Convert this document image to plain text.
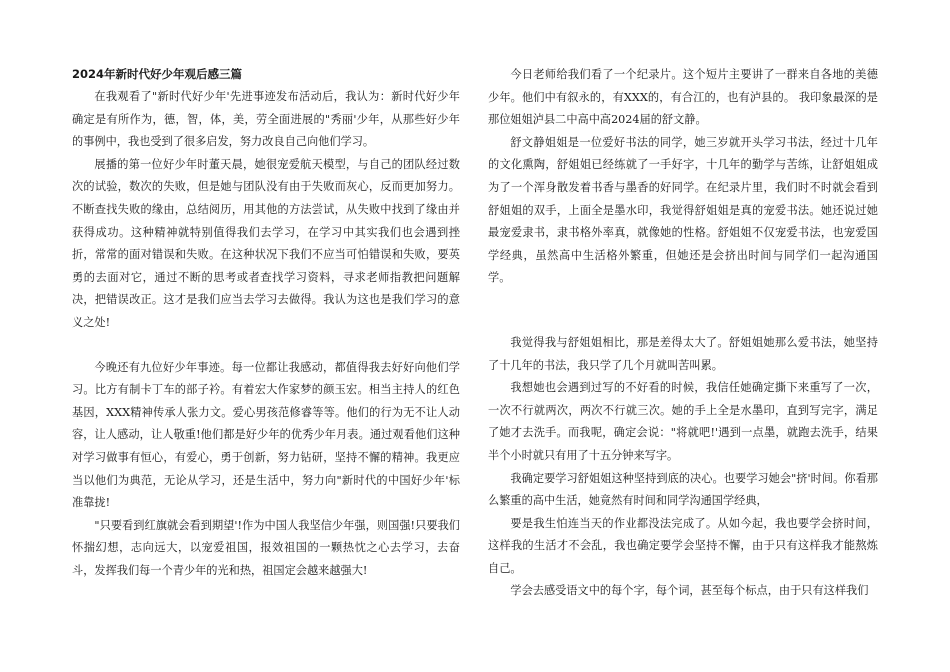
2024年新时代好少年观后感三篇

在我观看了"新时代好少年'先进事迹发布活动后，我认为：新时代好少年确定是有所作为，德，智，体，美，劳全面进展的"秀丽'少年，从那些好少年的事例中，我也受到了很多启发，努力改良自己向他们学习。

展播的第一位好少年时董天晨，她很宠爱航天模型，与自己的团队经过数次的试验，数次的失败，但是她与团队没有由于失败而灰心，反而更加努力。不断查找失败的缘由，总结阅历，用其他的方法尝试，从失败中找到了缘由并获得成功。这种精神就特别值得我们去学习，在学习中其实我们也会遇到挫折，常常的面对错误和失败。在这种状况下我们不应当可怕错误和失败，要英勇的去面对它，通过不断的思考或者查找学习资料，寻求老师指教把问题解决，把错误改正。这才是我们应当去学习去做得。我认为这也是我们学习的意义之处!

今晚还有九位好少年事迹。每一位都让我感动，都值得我去好好向他们学习。比方有制卡丁车的部子衿。有着宏大作家梦的颜玉宏。相当主持人的红色基因，XXX精神传承人张力文。爱心男孩范修睿等等。他们的行为无不让人动容，让人感动，让人敬重!他们都是好少年的优秀少年月表。通过观看他们这种对学习做事有恒心，有爱心，勇于创新，努力钻研，坚持不懈的精神。我更应当以他们为典范，无论从学习，还是生活中，努力向"新时代的中国好少年'标准靠拢!

"只要看到红旗就会看到期望'!作为中国人我坚信少年强，则国强!只要我们怀揣幻想，志向远大，以宠爱祖国，报效祖国的一颗热忱之心去学习，去奋斗，发挥我们每一个青少年的光和热，祖国定会越来越强大!

今日老师给我们看了一个纪录片。这个短片主要讲了一群来自各地的美德少年。他们中有叙永的，有XXX的，有合江的，也有泸县的。 我印象最深的是那位姐姐泸县二中高中高2024届的舒文静。

舒文静姐姐是一位爱好书法的同学，她三岁就开头学习书法，经过十几年的文化熏陶，舒姐姐已经练就了一手好字，十几年的勤学与苦练，让舒姐姐成为了一个浑身散发着书香与墨香的好同学。在纪录片里，我们时不时就会看到舒姐姐的双手，上面全是墨水印，我觉得舒姐姐是真的宠爱书法。她还说过她最宠爱隶书，隶书格外率真，就像她的性格。舒姐姐不仅宠爱书法，也宠爱国学经典，虽然高中生活格外繁重，但她还是会挤出时间与同学们一起沟通国学。

我觉得我与舒姐姐相比，那是差得太大了。舒姐姐她那么爱书法，她坚持了十几年的书法，我只学了几个月就叫苦叫累。

我想她也会遇到过写的不好看的时候，我信任她确定撕下来重写了一次，一次不行就两次，两次不行就三次。她的手上全是水墨印，直到写完字，满足了她才去洗手。而我呢，确定会说："将就吧!'遇到一点墨，就跑去洗手，结果半个小时就只有用了十五分钟来写字。

我确定要学习舒姐姐这种坚持到底的决心。也要学习她会"挤'时间。你看那么繁重的高中生活，她竟然有时间和同学沟通国学经典，

要是我生怕连当天的作业都没法完成了。从如今起，我也要学会挤时间，这样我的生活才不会乱，我也确定要学会坚持不懈，由于只有这样我才能熬炼自己。

学会去感受语文中的每个字，每个词，甚至每个标点，由于只有这样我们
